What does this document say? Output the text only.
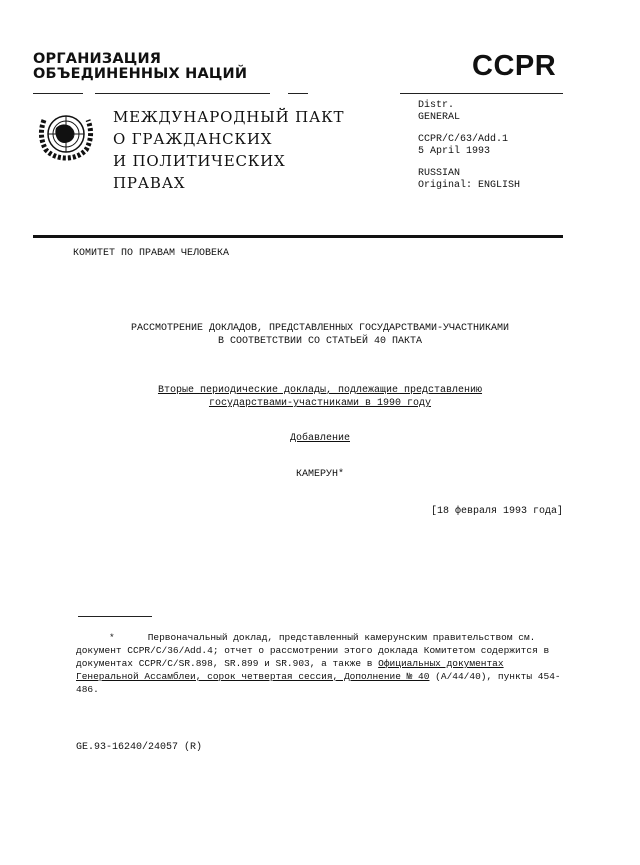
ОРГАНИЗАЦИЯ
ОБЪЕДИНЕННЫХ НАЦИЙ	CCPR
МЕЖДУНАРОДНЫЙ ПАКТ
О ГРАЖДАНСКИХ
И ПОЛИТИЧЕСКИХ
ПРАВАХ
Distr.
GENERAL
CCPR/C/63/Add.1
5 April 1993
RUSSIAN
Original: ENGLISH
КОМИТЕТ ПО ПРАВАМ ЧЕЛОВЕКА
РАССМОТРЕНИЕ ДОКЛАДОВ, ПРЕДСТАВЛЕННЫХ ГОСУДАРСТВАМИ-УЧАСТНИКАМИ
В СООТВЕТСТВИИ СО СТАТЬЕЙ 40 ПАКТА
Вторые периодические доклады, подлежащие представлению
государствами-участниками в 1990 году
Добавление
КАМЕРУН*
[18 февраля 1993 года]
*	Первоначальный доклад, представленный камерунским правительством см. документ CCPR/C/36/Add.4; отчет о рассмотрении этого доклада Комитетом содержится в документах CCPR/C/SR.898, SR.899 и SR.903, а также в Официальных документах Генеральной Ассамблеи, сорок четвертая сессия, Дополнение № 40 (A/44/40), пункты 454-486.
GE.93-16240/24057 (R)
